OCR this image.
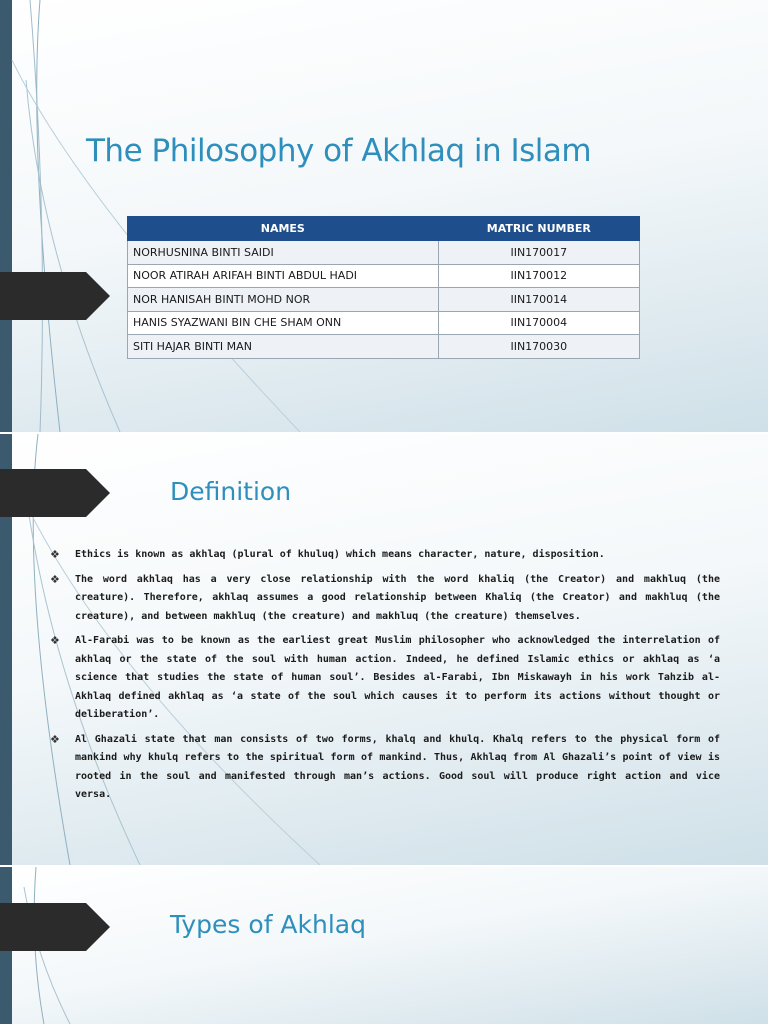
The Philosophy of Akhlaq in Islam
NAMES	MATRIC NUMBER
NORHUSNINA BINTI SAIDI	IIN170017
NOOR ATIRAH ARIFAH BINTI ABDUL HADI	IIN170012
NOR HANISAH BINTI MOHD NOR	IIN170014
HANIS SYAZWANI BIN CHE SHAM ONN	IIN170004
SITI HAJAR BINTI MAN	IIN170030
Definition
❖ Ethics is known as akhlaq (plural of khuluq) which means character, nature, disposition.
❖ The word akhlaq has a very close relationship with the word khaliq (the Creator) and makhluq (the creature). Therefore, akhlaq assumes a good relationship between Khaliq (the Creator) and makhluq (the creature), and between makhluq (the creature) and makhluq (the creature) themselves.
❖ Al-Farabi was to be known as the earliest great Muslim philosopher who acknowledged the interrelation of akhlaq or the state of the soul with human action. Indeed, he defined Islamic ethics or akhlaq as ‘a science that studies the state of human soul’. Besides al-Farabi, Ibn Miskawayh in his work Tahzib al-Akhlaq defined akhlaq as ‘a state of the soul which causes it to perform its actions without thought or deliberation’.
❖ Al Ghazali state that man consists of two forms, khalq and khulq. Khalq refers to the physical form of mankind why khulq refers to the spiritual form of mankind. Thus, Akhlaq from Al Ghazali’s point of view is rooted in the soul and manifested through man’s actions. Good soul will produce right action and vice versa.
Types of Akhlaq
